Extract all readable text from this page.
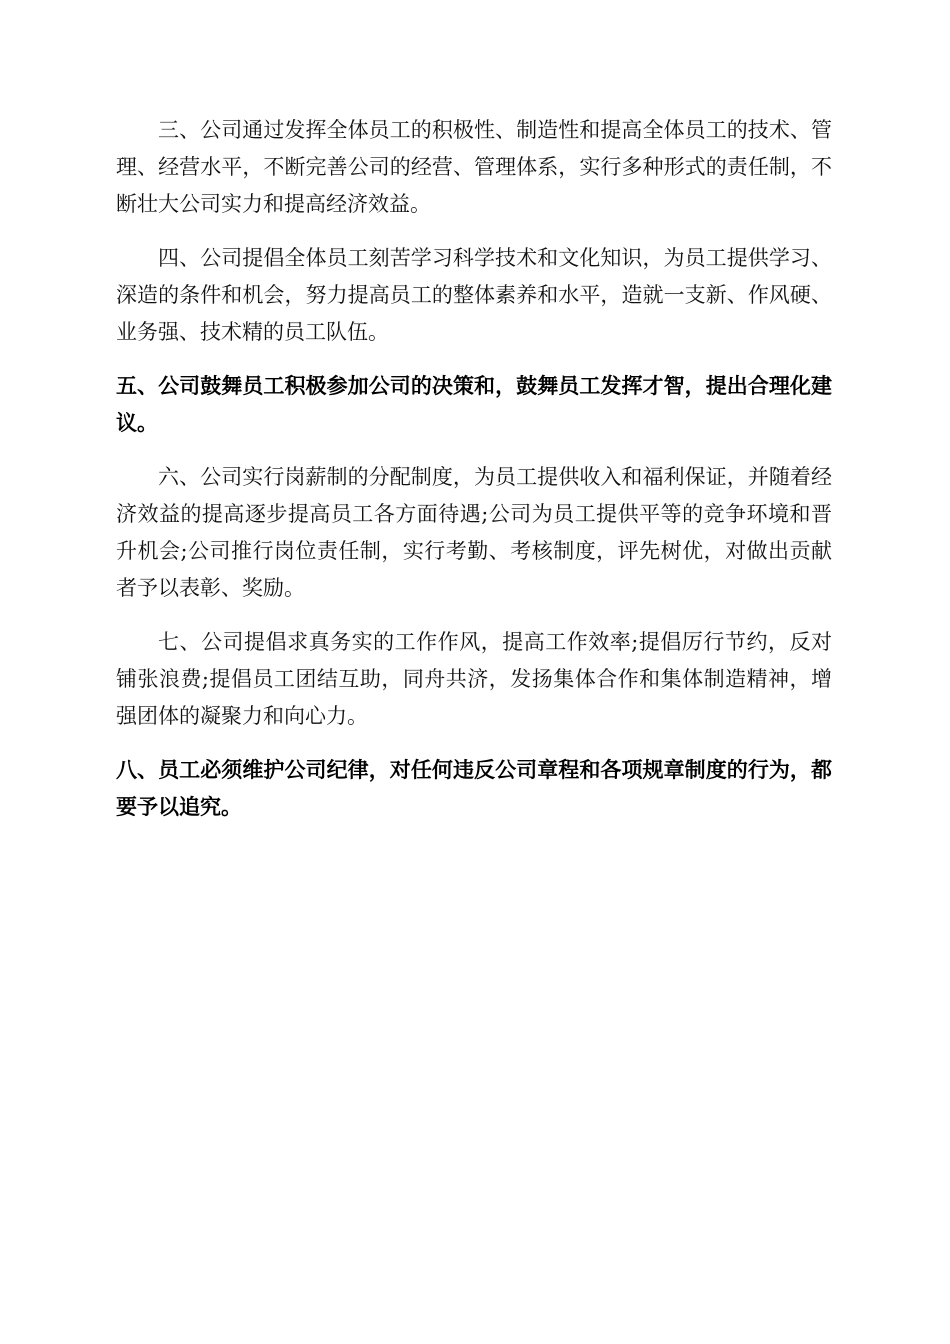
三、公司通过发挥全体员工的积极性、制造性和提高全体员工的技术、管理、经营水平，不断完善公司的经营、管理体系，实行多种形式的责任制，不断壮大公司实力和提高经济效益。

四、公司提倡全体员工刻苦学习科学技术和文化知识，为员工提供学习、深造的条件和机会，努力提高员工的整体素养和水平，造就一支新、作风硬、业务强、技术精的员工队伍。

五、公司鼓舞员工积极参加公司的决策和，鼓舞员工发挥才智，提出合理化建议。

六、公司实行岗薪制的分配制度，为员工提供收入和福利保证，并随着经济效益的提高逐步提高员工各方面待遇;公司为员工提供平等的竞争环境和晋升机会;公司推行岗位责任制，实行考勤、考核制度，评先树优，对做出贡献者予以表彰、奖励。

七、公司提倡求真务实的工作作风，提高工作效率;提倡厉行节约，反对铺张浪费;提倡员工团结互助，同舟共济，发扬集体合作和集体制造精神，增强团体的凝聚力和向心力。

八、员工必须维护公司纪律，对任何违反公司章程和各项规章制度的行为，都要予以追究。
